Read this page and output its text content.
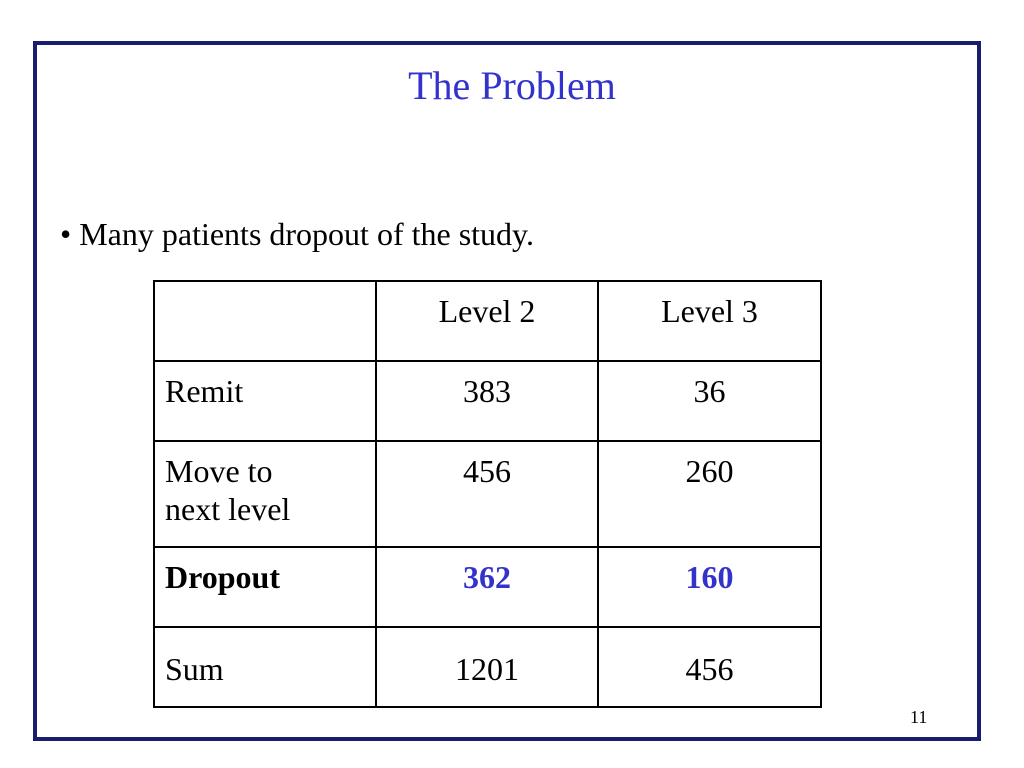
The Problem
• Many patients dropout of the study.
	Level 2	Level 3
Remit	383	36

Move to next level	456	260
Dropout	362	160
Sum	1201	456
11
